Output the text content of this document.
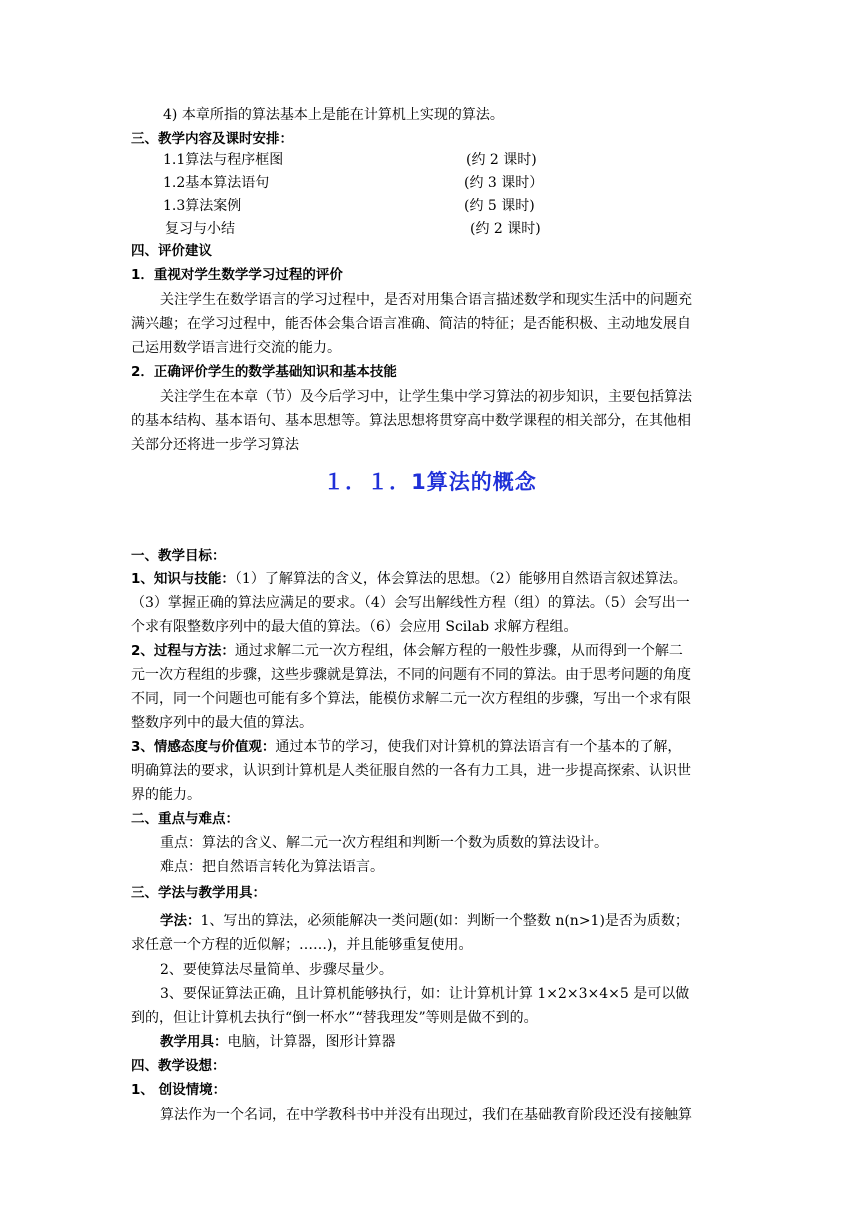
4) 本章所指的算法基本上是能在计算机上实现的算法。
三、教学内容及课时安排：
1.1算法与程序框图	(约 2 课时)
1.2基本算法语句	(约 3 课时）
1.3算法案例	(约 5 课时)
复习与小结	(约 2 课时)
四、评价建议
1．重视对学生数学学习过程的评价
关注学生在数学语言的学习过程中，是否对用集合语言描述数学和现实生活中的问题充
满兴趣；在学习过程中，能否体会集合语言准确、简洁的特征；是否能积极、主动地发展自
己运用数学语言进行交流的能力。
2．正确评价学生的数学基础知识和基本技能
关注学生在本章（节）及今后学习中，让学生集中学习算法的初步知识，主要包括算法
的基本结构、基本语句、基本思想等。算法思想将贯穿高中数学课程的相关部分，在其他相
关部分还将进一步学习算法
１．１．1算法的概念
一、教学目标：
1、知识与技能：（1）了解算法的含义，体会算法的思想。（2）能够用自然语言叙述算法。
（3）掌握正确的算法应满足的要求。（4）会写出解线性方程（组）的算法。（5）会写出一
个求有限整数序列中的最大值的算法。（6）会应用 Scilab 求解方程组。
2、过程与方法：通过求解二元一次方程组，体会解方程的一般性步骤，从而得到一个解二
元一次方程组的步骤，这些步骤就是算法，不同的问题有不同的算法。由于思考问题的角度
不同，同一个问题也可能有多个算法，能模仿求解二元一次方程组的步骤，写出一个求有限
整数序列中的最大值的算法。
3、情感态度与价值观：通过本节的学习，使我们对计算机的算法语言有一个基本的了解，
明确算法的要求，认识到计算机是人类征服自然的一各有力工具，进一步提高探索、认识世
界的能力。
二、重点与难点：
重点：算法的含义、解二元一次方程组和判断一个数为质数的算法设计。
难点：把自然语言转化为算法语言。
三、学法与教学用具：
学法：1、写出的算法，必须能解决一类问题(如：判断一个整数 n(n>1)是否为质数；
求任意一个方程的近似解；……)，并且能够重复使用。
2、要使算法尽量简单、步骤尽量少。
3、要保证算法正确，且计算机能够执行，如：让计算机计算 1×2×3×4×5 是可以做
到的，但让计算机去执行“倒一杯水”“替我理发”等则是做不到的。
教学用具：电脑，计算器，图形计算器
四、教学设想：
1、 创设情境：
算法作为一个名词，在中学教科书中并没有出现过，我们在基础教育阶段还没有接触算
